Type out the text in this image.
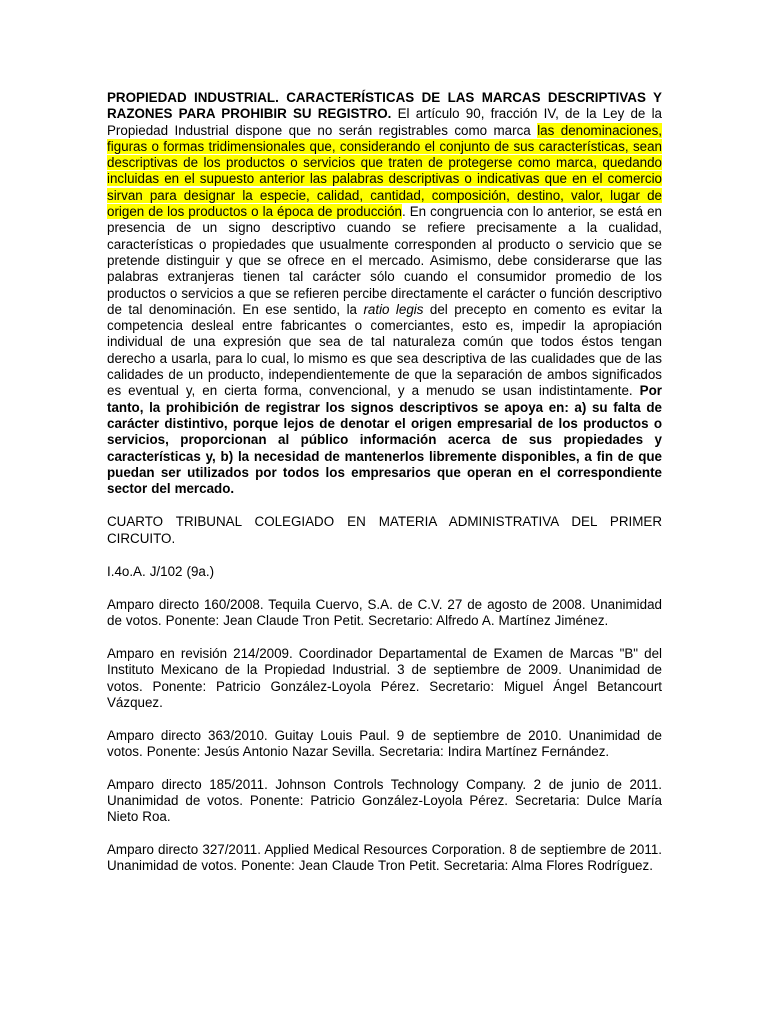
PROPIEDAD INDUSTRIAL. CARACTERÍSTICAS DE LAS MARCAS DESCRIPTIVAS Y RAZONES PARA PROHIBIR SU REGISTRO. El artículo 90, fracción IV, de la Ley de la Propiedad Industrial dispone que no serán registrables como marca las denominaciones, figuras o formas tridimensionales que, considerando el conjunto de sus características, sean descriptivas de los productos o servicios que traten de protegerse como marca, quedando incluidas en el supuesto anterior las palabras descriptivas o indicativas que en el comercio sirvan para designar la especie, calidad, cantidad, composición, destino, valor, lugar de origen de los productos o la época de producción. En congruencia con lo anterior, se está en presencia de un signo descriptivo cuando se refiere precisamente a la cualidad, características o propiedades que usualmente corresponden al producto o servicio que se pretende distinguir y que se ofrece en el mercado. Asimismo, debe considerarse que las palabras extranjeras tienen tal carácter sólo cuando el consumidor promedio de los productos o servicios a que se refieren percibe directamente el carácter o función descriptivo de tal denominación. En ese sentido, la ratio legis del precepto en comento es evitar la competencia desleal entre fabricantes o comerciantes, esto es, impedir la apropiación individual de una expresión que sea de tal naturaleza común que todos éstos tengan derecho a usarla, para lo cual, lo mismo es que sea descriptiva de las cualidades que de las calidades de un producto, independientemente de que la separación de ambos significados es eventual y, en cierta forma, convencional, y a menudo se usan indistintamente. Por tanto, la prohibición de registrar los signos descriptivos se apoya en: a) su falta de carácter distintivo, porque lejos de denotar el origen empresarial de los productos o servicios, proporcionan al público información acerca de sus propiedades y características y, b) la necesidad de mantenerlos libremente disponibles, a fin de que puedan ser utilizados por todos los empresarios que operan en el correspondiente sector del mercado.

CUARTO TRIBUNAL COLEGIADO EN MATERIA ADMINISTRATIVA DEL PRIMER CIRCUITO.

I.4o.A. J/102 (9a.)

Amparo directo 160/2008. Tequila Cuervo, S.A. de C.V. 27 de agosto de 2008. Unanimidad de votos. Ponente: Jean Claude Tron Petit. Secretario: Alfredo A. Martínez Jiménez.

Amparo en revisión 214/2009. Coordinador Departamental de Examen de Marcas "B" del Instituto Mexicano de la Propiedad Industrial. 3 de septiembre de 2009. Unanimidad de votos. Ponente: Patricio González-Loyola Pérez. Secretario: Miguel Ángel Betancourt Vázquez.

Amparo directo 363/2010. Guitay Louis Paul. 9 de septiembre de 2010. Unanimidad de votos. Ponente: Jesús Antonio Nazar Sevilla. Secretaria: Indira Martínez Fernández.

Amparo directo 185/2011. Johnson Controls Technology Company. 2 de junio de 2011. Unanimidad de votos. Ponente: Patricio González-Loyola Pérez. Secretaria: Dulce María Nieto Roa.

Amparo directo 327/2011. Applied Medical Resources Corporation. 8 de septiembre de 2011. Unanimidad de votos. Ponente: Jean Claude Tron Petit. Secretaria: Alma Flores Rodríguez.
